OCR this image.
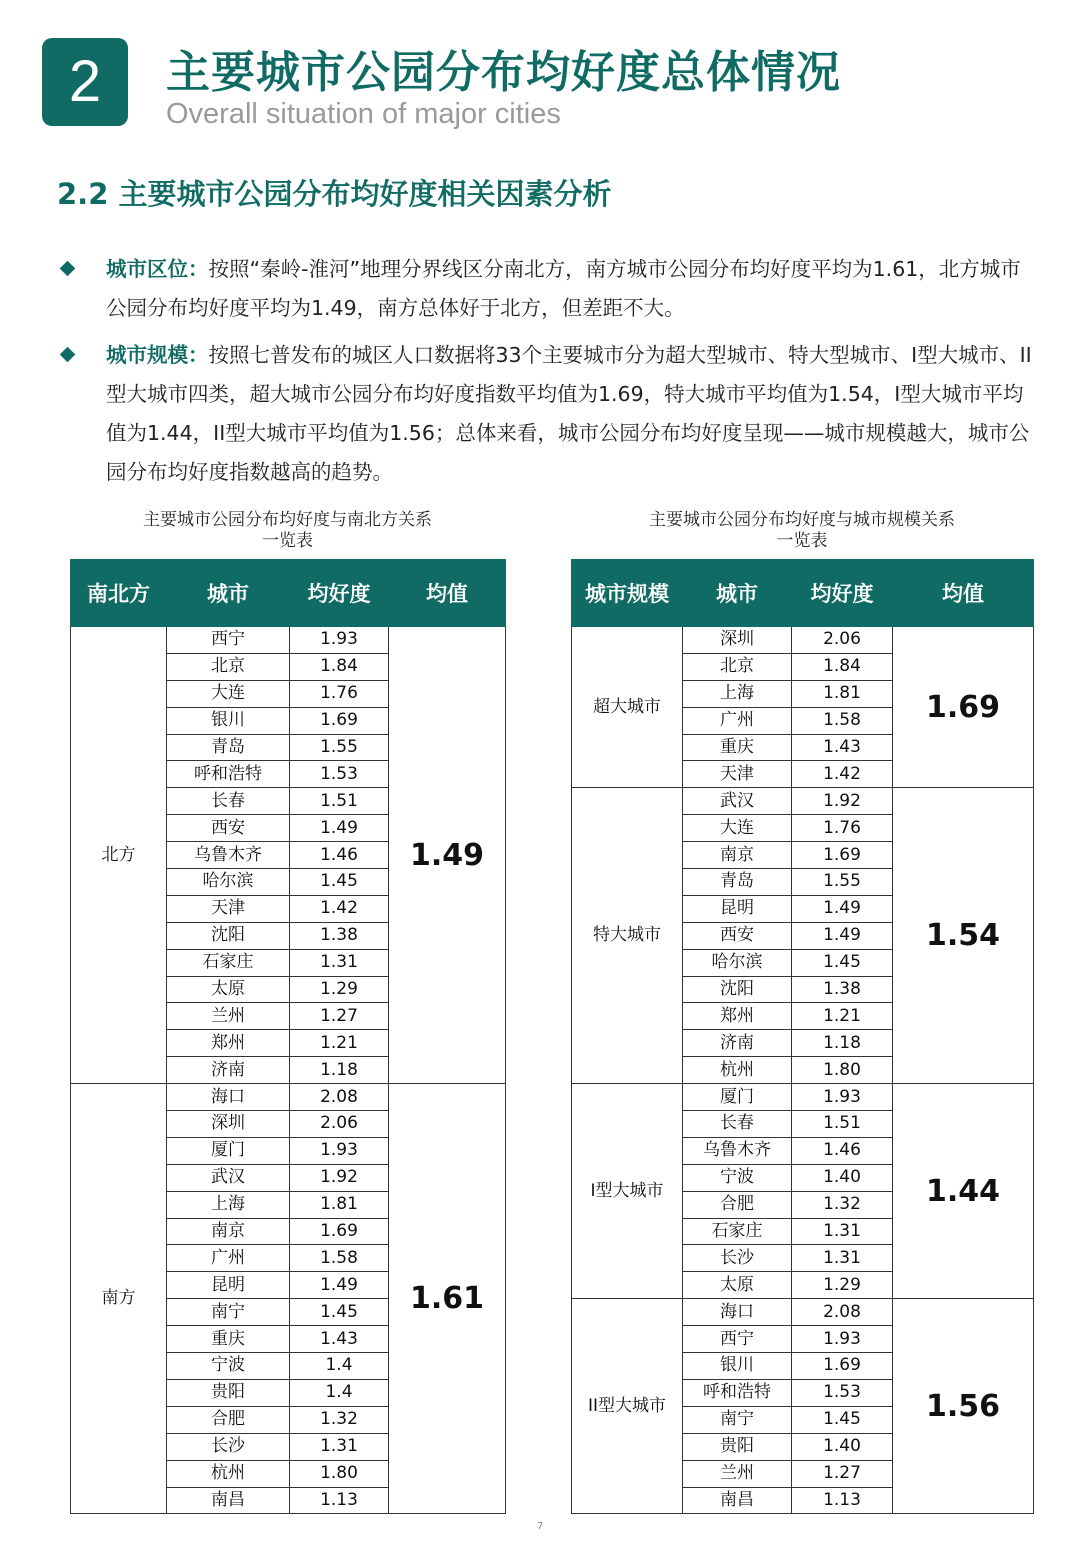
2	主要城市公园分布均好度总体情况
Overall situation of major cities
2.2 主要城市公园分布均好度相关因素分析
城市区位：按照“秦岭-淮河”地理分界线区分南北方，南方城市公园分布均好度平均为1.61，北方城市公园分布均好度平均为1.49，南方总体好于北方，但差距不大。
城市规模：按照七普发布的城区人口数据将33个主要城市分为超大型城市、特大型城市、I型大城市、II型大城市四类，超大城市公园分布均好度指数平均值为1.69，特大城市平均值为1.54，I型大城市平均值为1.44，II型大城市平均值为1.56；总体来看，城市公园分布均好度呈现——城市规模越大，城市公园分布均好度指数越高的趋势。
主要城市公园分布均好度与南北方关系
一览表
主要城市公园分布均好度与城市规模关系
一览表
南北方	城市	均好度	均值
北方	西宁	1.93	1.49
	北京	1.84	
	大连	1.76	
	银川	1.69	
	青岛	1.55	
	呼和浩特	1.53	
	长春	1.51	
	西安	1.49	
	乌鲁木齐	1.46	
	哈尔滨	1.45	
	天津	1.42	
	沈阳	1.38	
	石家庄	1.31	
	太原	1.29	
	兰州	1.27	
	郑州	1.21	
	济南	1.18	
南方	海口	2.08	1.61
	深圳	2.06	
	厦门	1.93	
	武汉	1.92	
	上海	1.81	
	南京	1.69	
	广州	1.58	
	昆明	1.49	
	南宁	1.45	
	重庆	1.43	
	宁波	1.4	
	贵阳	1.4	
	合肥	1.32	
	长沙	1.31	
	杭州	1.80	
	南昌	1.13	
城市规模	城市	均好度	均值
超大城市	深圳	2.06	1.69
	北京	1.84	
	上海	1.81	
	广州	1.58	
	重庆	1.43	
	天津	1.42	
特大城市	武汉	1.92	1.54
	大连	1.76	
	南京	1.69	
	青岛	1.55	
	昆明	1.49	
	西安	1.49	
	哈尔滨	1.45	
	沈阳	1.38	
	郑州	1.21	
	济南	1.18	
	杭州	1.80	
I型大城市	厦门	1.93	1.44
	长春	1.51	
	乌鲁木齐	1.46	
	宁波	1.40	
	合肥	1.32	
	石家庄	1.31	
	长沙	1.31	
	太原	1.29	
II型大城市	海口	2.08	1.56
	西宁	1.93	
	银川	1.69	
	呼和浩特	1.53	
	南宁	1.45	
	贵阳	1.40	
	兰州	1.27	
	南昌	1.13	
7
